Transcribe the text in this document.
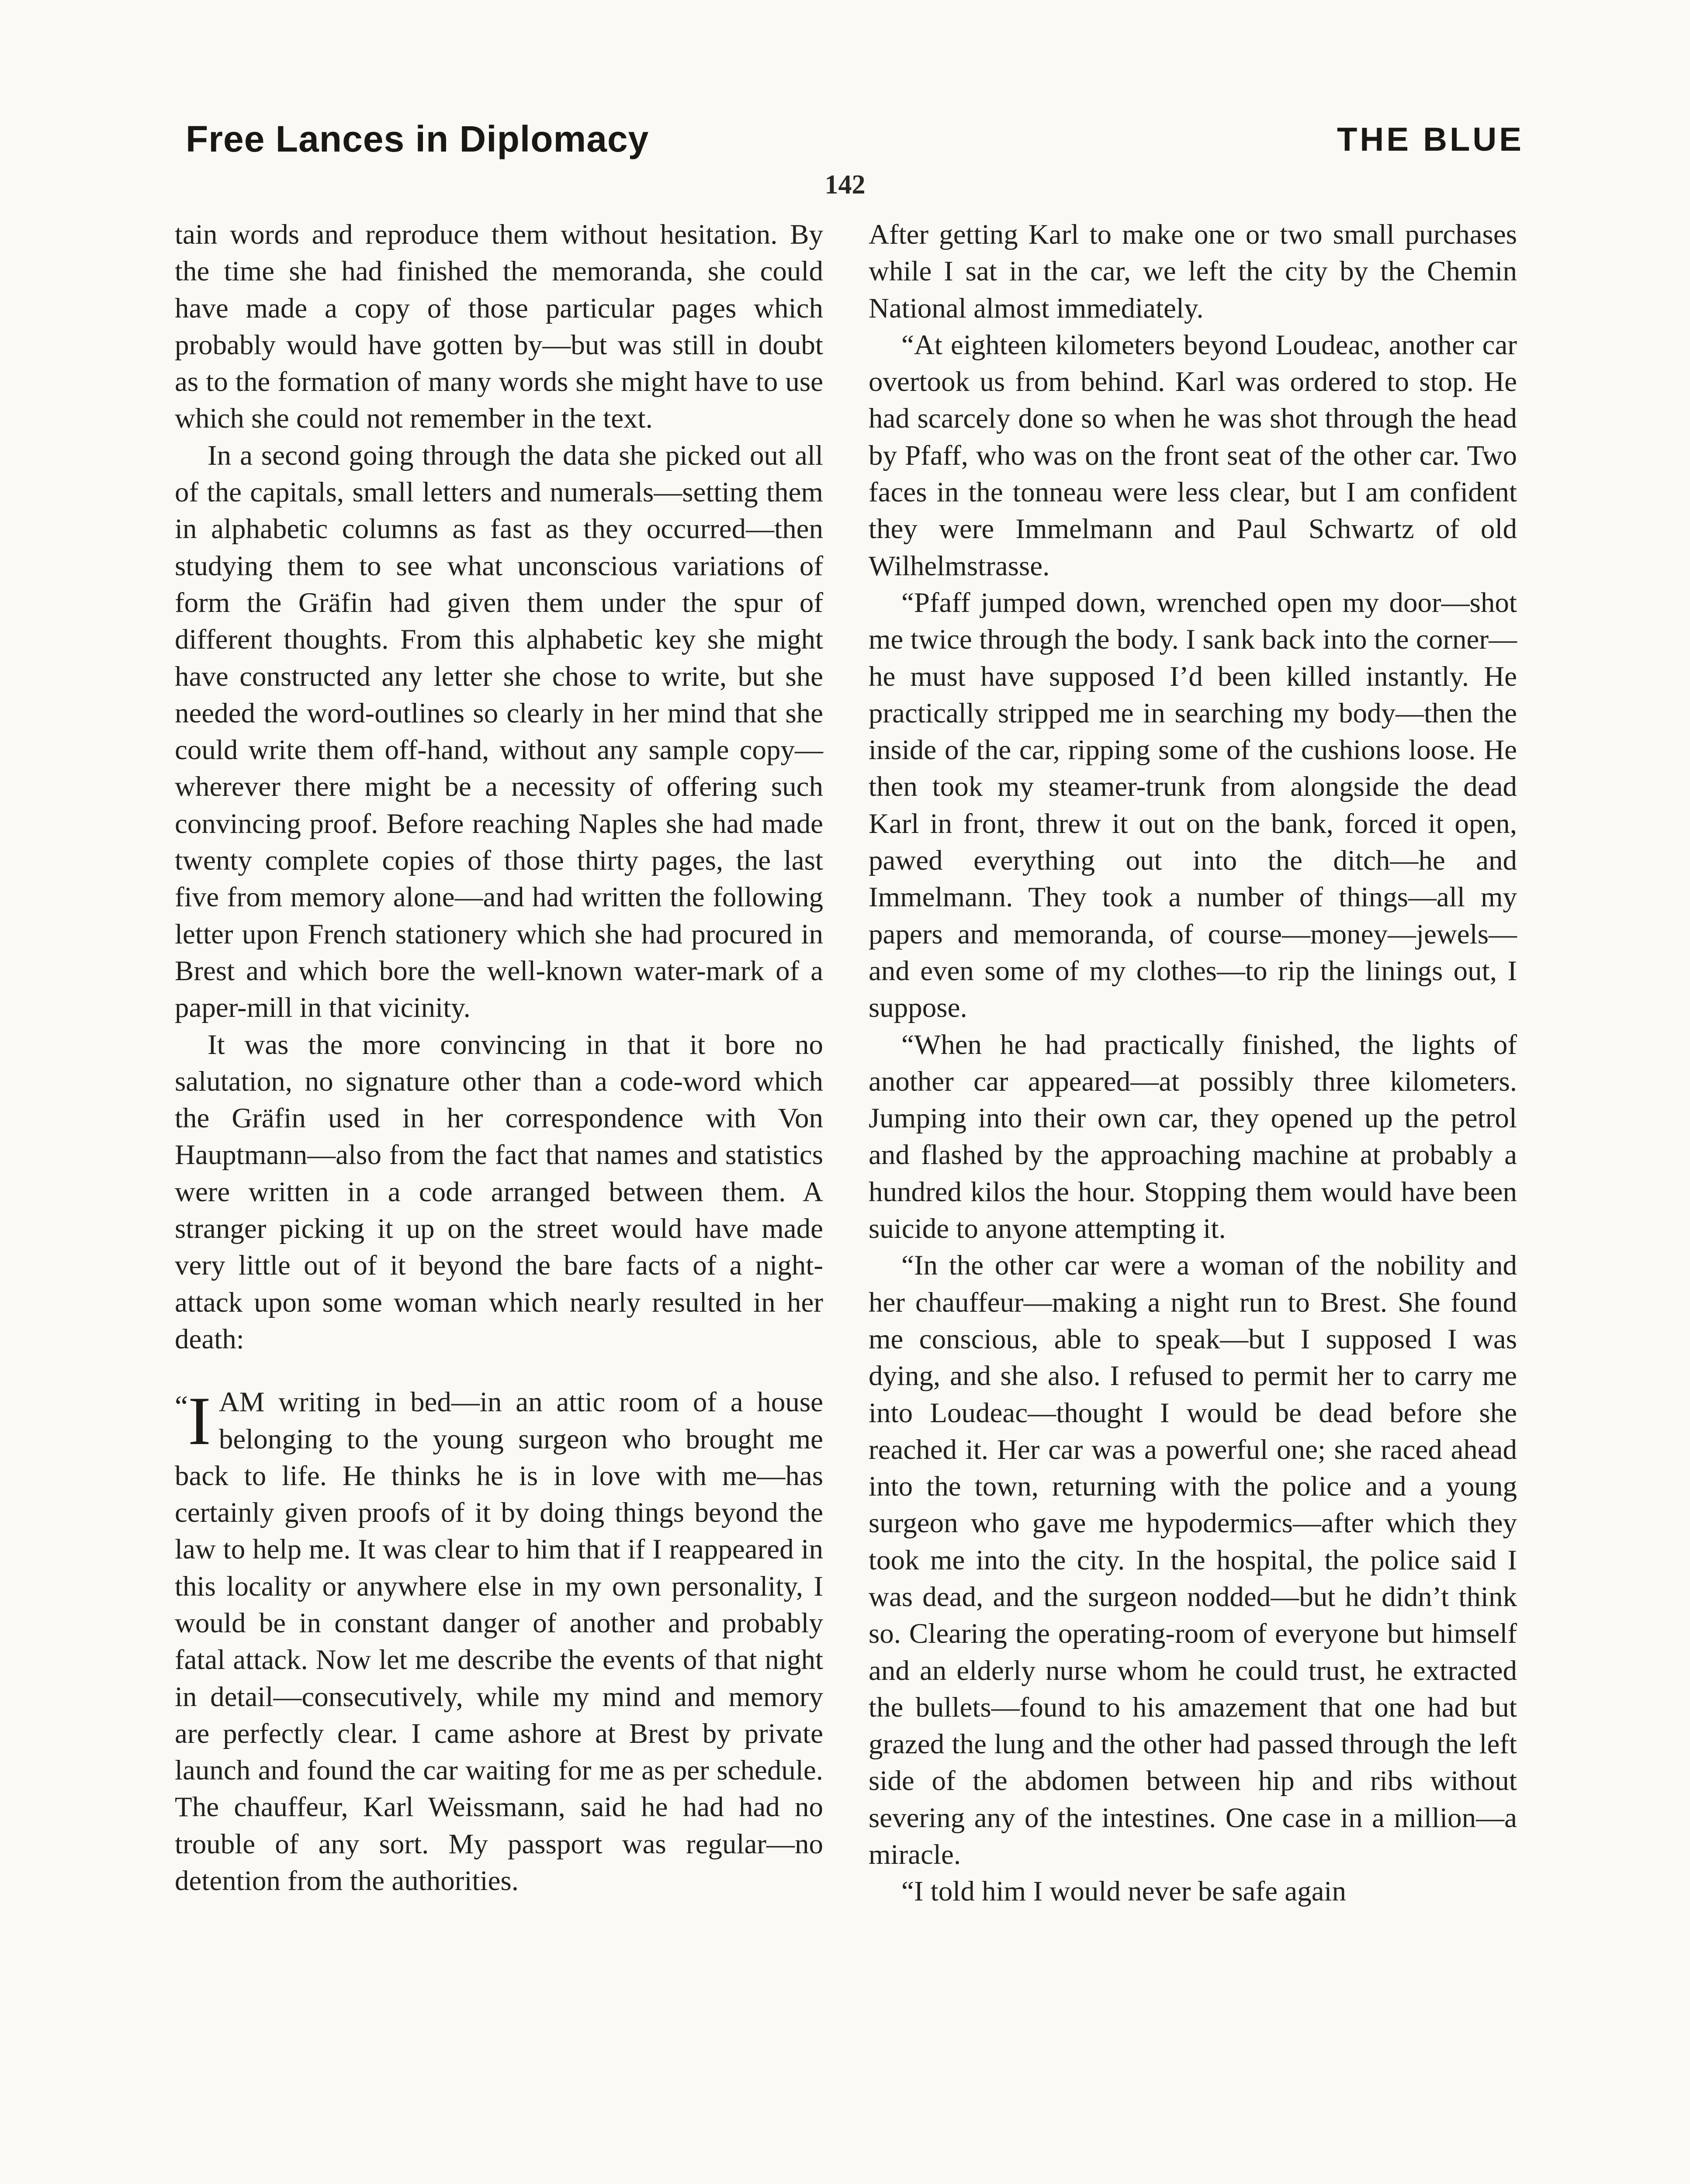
Free Lances in Diplomacy	THE BLUE
142

tain words and reproduce them without hesitation. By the time she had finished the memoranda, she could have made a copy of those particular pages which probably would have gotten by—but was still in doubt as to the formation of many words she might have to use which she could not remember in the text.

In a second going through the data she picked out all of the capitals, small letters and numerals—setting them in alphabetic columns as fast as they occurred—then studying them to see what unconscious variations of form the Gräfin had given them under the spur of different thoughts. From this alphabetic key she might have constructed any letter she chose to write, but she needed the word-outlines so clearly in her mind that she could write them off-hand, without any sample copy—wherever there might be a necessity of offering such convincing proof. Before reaching Naples she had made twenty complete copies of those thirty pages, the last five from memory alone—and had written the following letter upon French stationery which she had procured in Brest and which bore the well-known water-mark of a paper-mill in that vicinity.

It was the more convincing in that it bore no salutation, no signature other than a code-word which the Gräfin used in her correspondence with Von Hauptmann—also from the fact that names and statistics were written in a code arranged between them. A stranger picking it up on the street would have made very little out of it beyond the bare facts of a night-attack upon some woman which nearly resulted in her death:

“I AM writing in bed—in an attic room of a house belonging to the young surgeon who brought me back to life. He thinks he is in love with me—has certainly given proofs of it by doing things beyond the law to help me. It was clear to him that if I reappeared in this locality or anywhere else in my own personality, I would be in constant danger of another and probably fatal attack. Now let me describe the events of that night in detail—consecutively, while my mind and memory are perfectly clear. I came ashore at Brest by private launch and found the car waiting for me as per schedule. The chauffeur, Karl Weissmann, said he had had no trouble of any sort. My passport was regular—no detention from the authorities.

After getting Karl to make one or two small purchases while I sat in the car, we left the city by the Chemin National almost immediately.

“At eighteen kilometers beyond Loudeac, another car overtook us from behind. Karl was ordered to stop. He had scarcely done so when he was shot through the head by Pfaff, who was on the front seat of the other car. Two faces in the tonneau were less clear, but I am confident they were Immelmann and Paul Schwartz of old Wilhelmstrasse.

“Pfaff jumped down, wrenched open my door—shot me twice through the body. I sank back into the corner—he must have supposed I’d been killed instantly. He practically stripped me in searching my body—then the inside of the car, ripping some of the cushions loose. He then took my steamer-trunk from alongside the dead Karl in front, threw it out on the bank, forced it open, pawed everything out into the ditch—he and Immelmann. They took a number of things—all my papers and memoranda, of course—money—jewels—and even some of my clothes—to rip the linings out, I suppose.

“When he had practically finished, the lights of another car appeared—at possibly three kilometers. Jumping into their own car, they opened up the petrol and flashed by the approaching machine at probably a hundred kilos the hour. Stopping them would have been suicide to anyone attempting it.

“In the other car were a woman of the nobility and her chauffeur—making a night run to Brest. She found me conscious, able to speak—but I supposed I was dying, and she also. I refused to permit her to carry me into Loudeac—thought I would be dead before she reached it. Her car was a powerful one; she raced ahead into the town, returning with the police and a young surgeon who gave me hypodermics—after which they took me into the city. In the hospital, the police said I was dead, and the surgeon nodded—but he didn’t think so. Clearing the operating-room of everyone but himself and an elderly nurse whom he could trust, he extracted the bullets—found to his amazement that one had but grazed the lung and the other had passed through the left side of the abdomen between hip and ribs without severing any of the intestines. One case in a million—a miracle.

“I told him I would never be safe again
